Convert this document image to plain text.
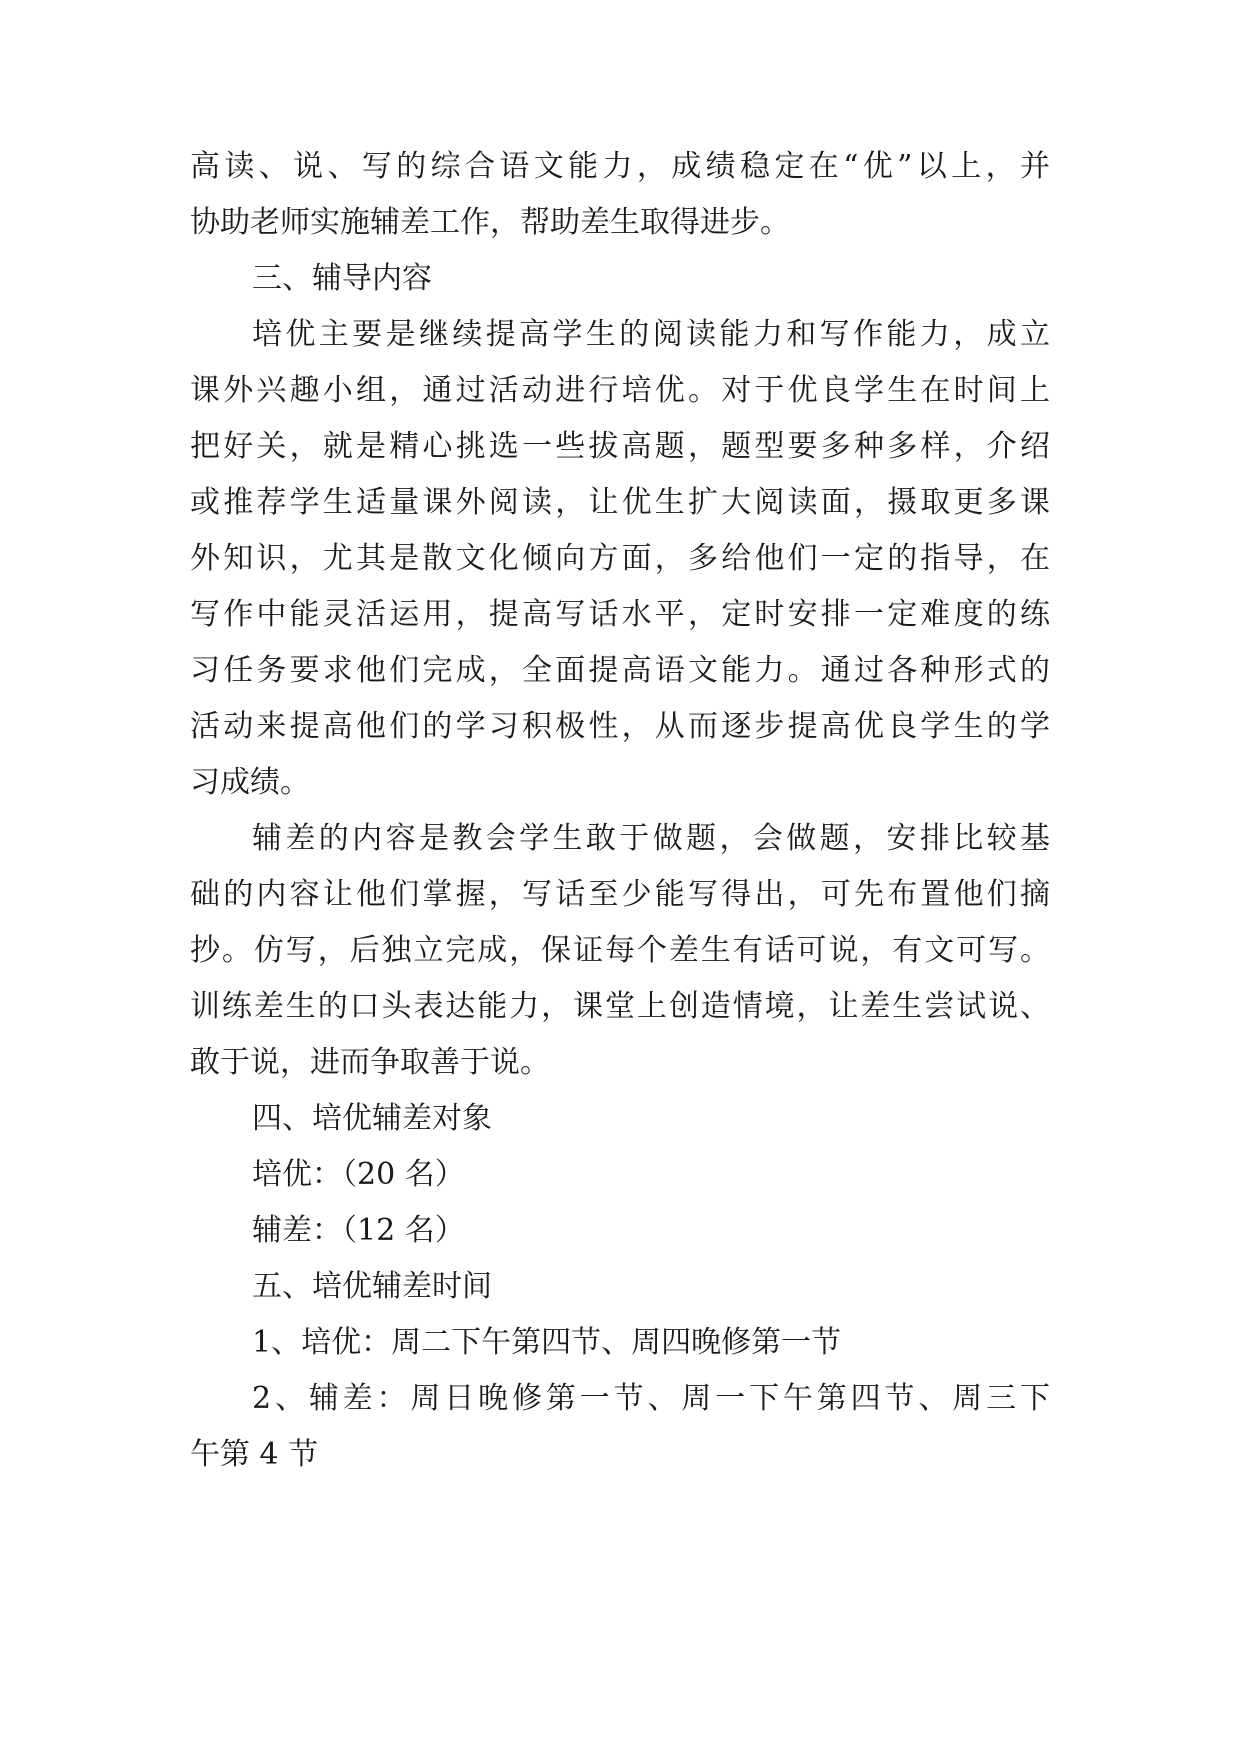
高读、说、写的综合语文能力，成绩稳定在“优”以上，并

协助老师实施辅差工作，帮助差生取得进步。

三、辅导内容

培优主要是继续提高学生的阅读能力和写作能力，成立

课外兴趣小组，通过活动进行培优。对于优良学生在时间上

把好关，就是精心挑选一些拔高题，题型要多种多样，介绍

或推荐学生适量课外阅读，让优生扩大阅读面，摄取更多课

外知识，尤其是散文化倾向方面，多给他们一定的指导，在

写作中能灵活运用，提高写话水平，定时安排一定难度的练

习任务要求他们完成，全面提高语文能力。通过各种形式的

活动来提高他们的学习积极性，从而逐步提高优良学生的学

习成绩。

辅差的内容是教会学生敢于做题，会做题，安排比较基

础的内容让他们掌握，写话至少能写得出，可先布置他们摘

抄。仿写，后独立完成，保证每个差生有话可说，有文可写。

训练差生的口头表达能力，课堂上创造情境，让差生尝试说、

敢于说，进而争取善于说。

四、培优辅差对象

培优：（20 名）

辅差：（12 名）

五、培优辅差时间

1、培优：周二下午第四节、周四晚修第一节

2、辅差：周日晚修第一节、周一下午第四节、周三下

午第 4 节
